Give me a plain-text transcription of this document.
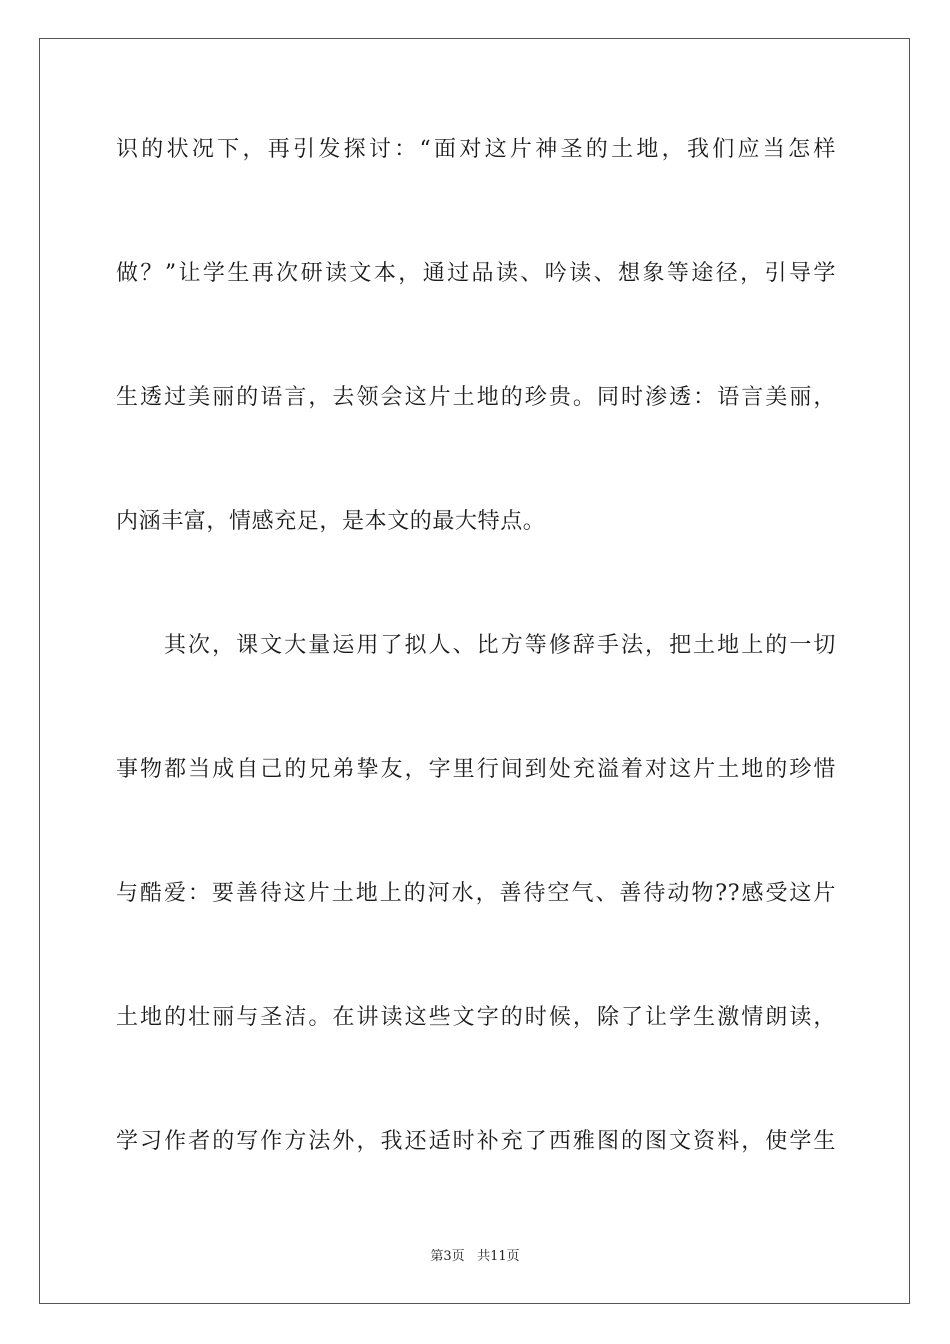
识的状况下，再引发探讨：“面对这片神圣的土地，我们应当怎样
做？”让学生再次研读文本，通过品读、吟读、想象等途径，引导学
生透过美丽的语言，去领会这片土地的珍贵。同时渗透：语言美丽，
内涵丰富，情感充足，是本文的最大特点。
其次，课文大量运用了拟人、比方等修辞手法，把土地上的一切
事物都当成自己的兄弟挚友，字里行间到处充溢着对这片土地的珍惜
与酷爱：要善待这片土地上的河水，善待空气、善待动物??感受这片
土地的壮丽与圣洁。在讲读这些文字的时候，除了让学生激情朗读，
学习作者的写作方法外，我还适时补充了西雅图的图文资料，使学生
第3页 共11页
